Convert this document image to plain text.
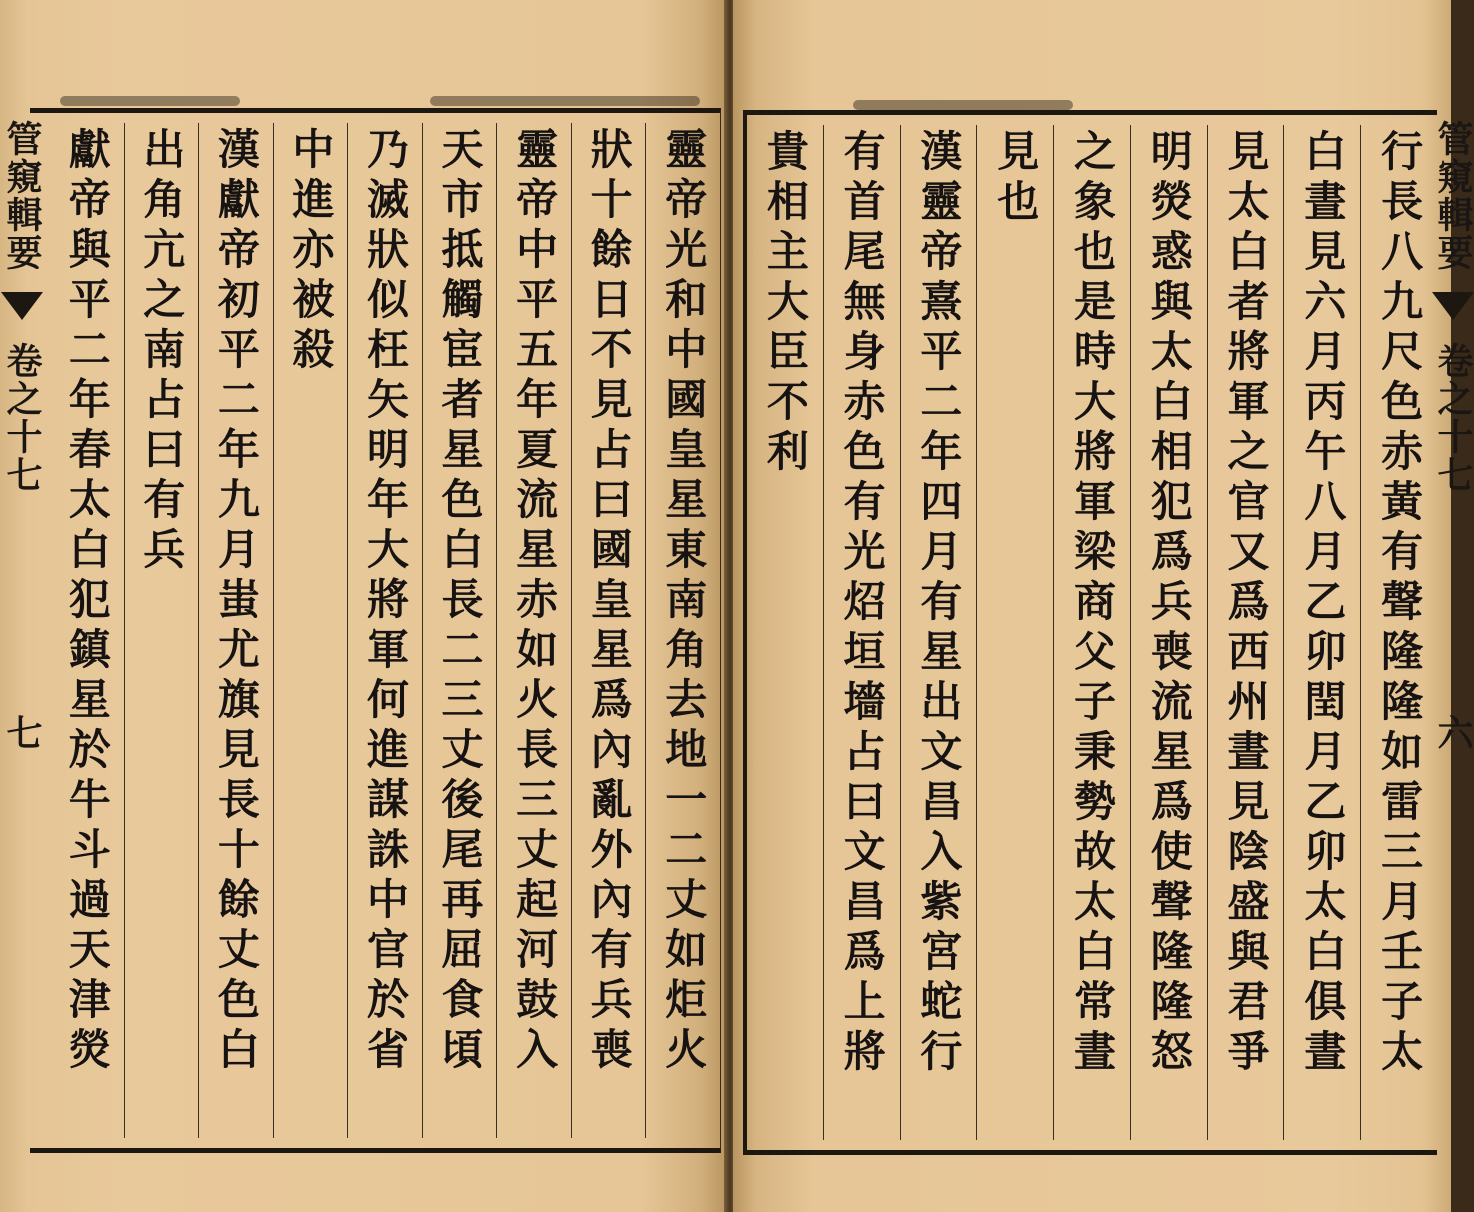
管窺輯要
卷之十七
七	靈帝光和中國皇星東南角去地一二丈如炬火
狀十餘日不見占曰國皇星爲內亂外內有兵喪
靈帝中平五年夏流星赤如火長三丈起河鼓入
天市抵觸宦者星色白長二三丈後尾再屈食頃
乃滅狀似枉矢明年大將軍何進謀誅中官於省
中進亦被殺
漢獻帝初平二年九月蚩尤旗見長十餘丈色白
出角亢之南占曰有兵
獻帝與平二年春太白犯鎮星於牛斗過天津熒	行長八九尺色赤黃有聲隆隆如雷三月壬子太
白晝見六月丙午八月乙卯閏月乙卯太白俱晝
見太白者將軍之官又爲西州晝見陰盛與君爭
明熒惑與太白相犯爲兵喪流星爲使聲隆隆怒
之象也是時大將軍梁商父子秉勢故太白常晝
見也
漢靈帝熹平二年四月有星出文昌入紫宮蛇行
有首尾無身赤色有光炤垣墻占曰文昌爲上將
貴相主大臣不利	管窺輯要
卷之十七
六
